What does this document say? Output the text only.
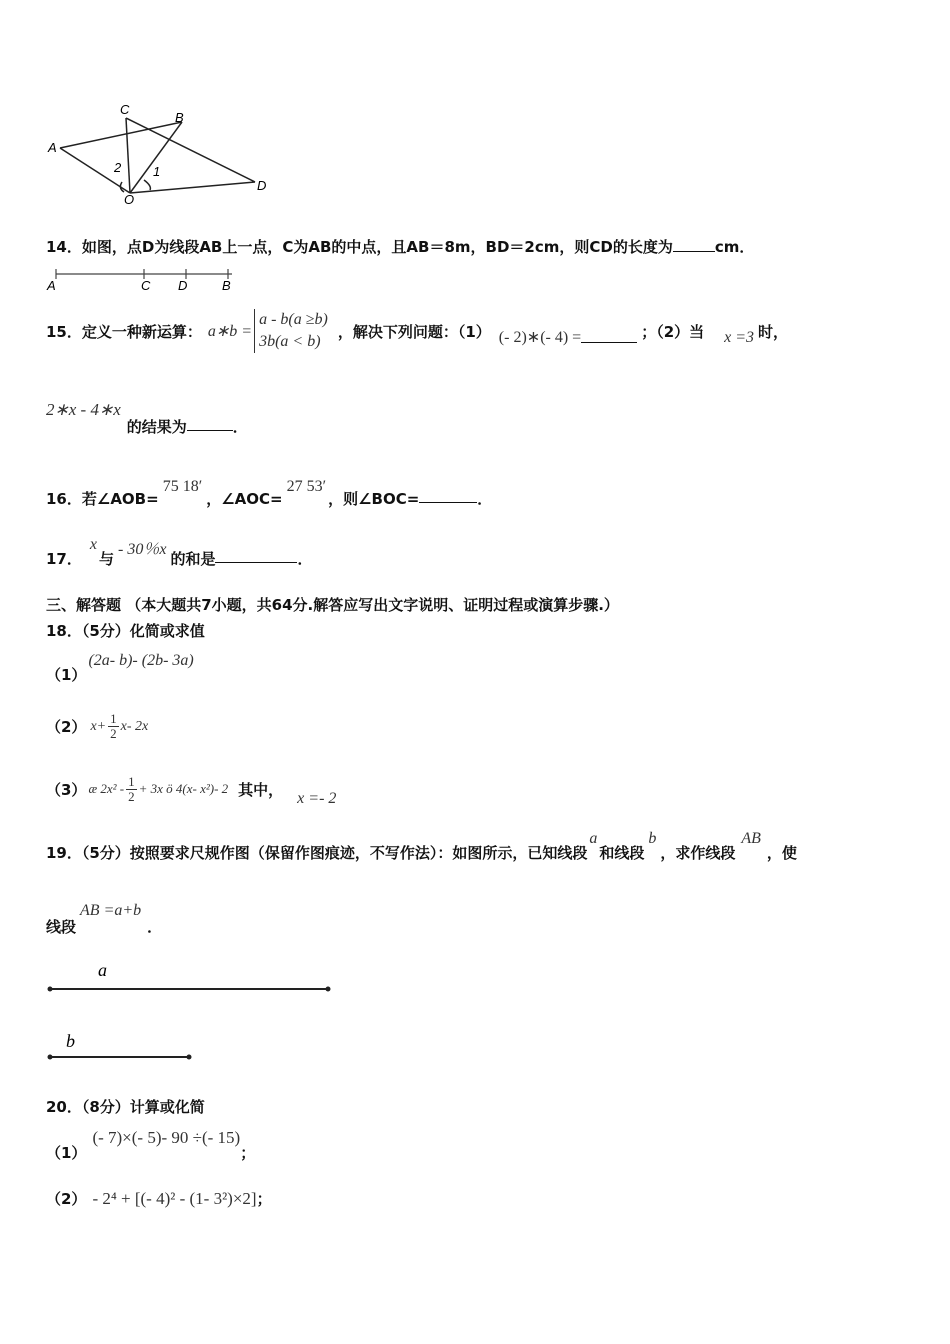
A
C
B
D
O
1
2
14．如图，点D为线段AB上一点，C为AB的中点，且AB＝8m，BD＝2cm，则CD的长度为	cm．
A	C D	B
15．定义一种新运算： a∗b =
a - b(a ≥b)
3b(a < b)
，解决下列问题：（1） (- 2)∗(- 4) =	；（2）当 x =3 时，
2∗x - 4∗x
的结果为	．
16．若∠AOB=
75 18′
，∠AOC=
27 53′
，则∠BOC=	．
17．
x
与
- 30％x
的和是	．
三、解答题 （本大题共7小题，共64分.解答应写出文字说明、证明过程或演算步骤.）
18．（5分）化简或求值
（1）
(2a- b)- (2b- 3a)
（2） $x+ \frac{1}{2} x-$ 2x
（3） æ $2x^2 - \frac{1}{2} + 3x$ ö 4(x- x²)- 2 其中， x =- 2
19．（5分）按照要求尺规作图（保留作图痕迹，不写作法）：如图所示，已知线段
a
和线段
b
，求作线段
AB
，使
线段
AB =a+b
．
a
b
20．（8分）计算或化简
（1）
(- 7)×(- 5)- 90 ÷(- 15)
；
（2） - 2⁴ + [(- 4)² - (1- 3²)×2] ；
